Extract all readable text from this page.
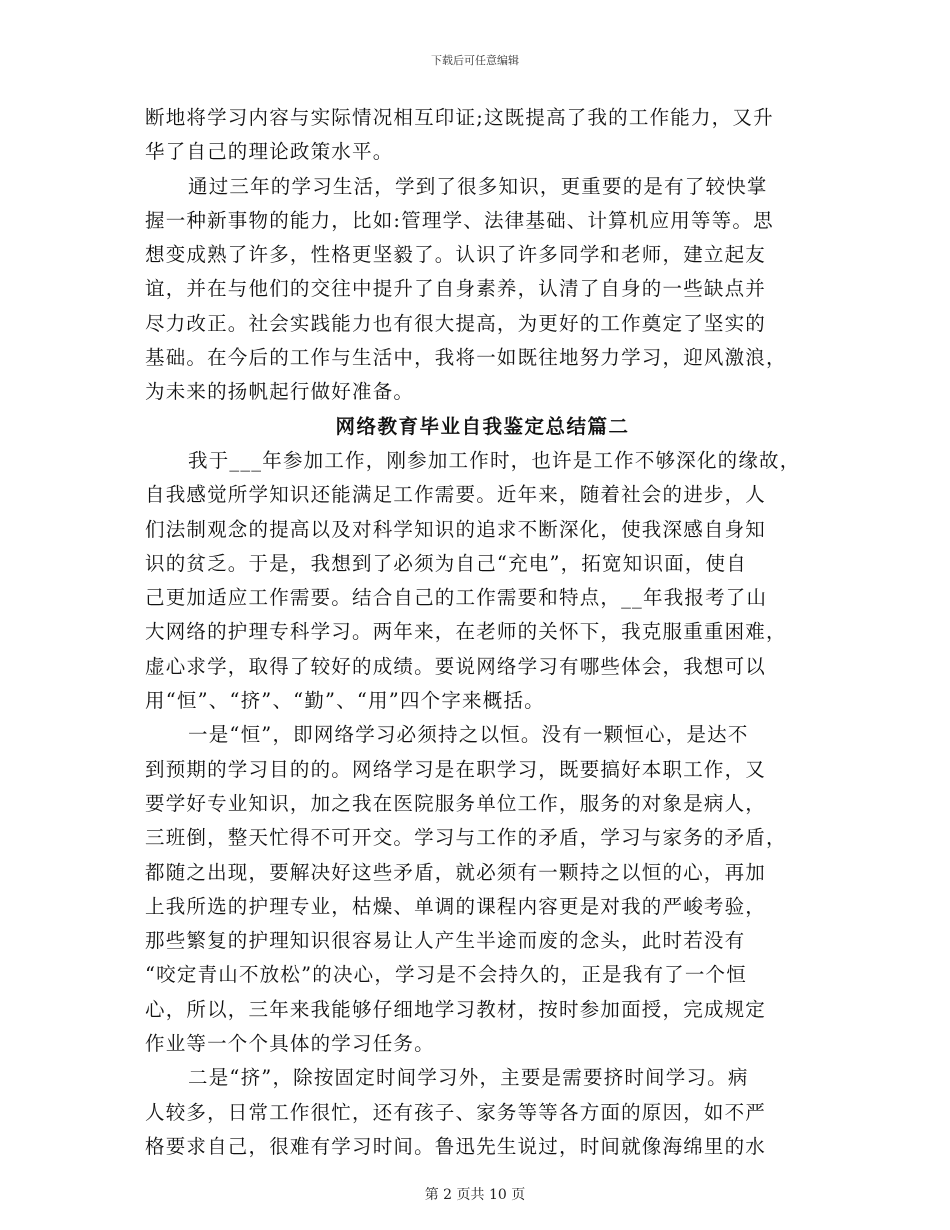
下载后可任意编辑
断地将学习内容与实际情况相互印证;这既提高了我的工作能力，又升
华了自己的理论政策水平。
通过三年的学习生活，学到了很多知识，更重要的是有了较快掌
握一种新事物的能力，比如:管理学、法律基础、计算机应用等等。思
想变成熟了许多，性格更坚毅了。认识了许多同学和老师，建立起友
谊，并在与他们的交往中提升了自身素养，认清了自身的一些缺点并
尽力改正。社会实践能力也有很大提高，为更好的工作奠定了坚实的
基础。在今后的工作与生活中，我将一如既往地努力学习，迎风激浪，
为未来的扬帆起行做好准备。
网络教育毕业自我鉴定总结篇二
我于___年参加工作，刚参加工作时，也许是工作不够深化的缘故，
自我感觉所学知识还能满足工作需要。近年来，随着社会的进步，人
们法制观念的提高以及对科学知识的追求不断深化，使我深感自身知
识的贫乏。于是，我想到了必须为自己“充电”，拓宽知识面，使自
己更加适应工作需要。结合自己的工作需要和特点，__年我报考了山
大网络的护理专科学习。两年来，在老师的关怀下，我克服重重困难，
虚心求学，取得了较好的成绩。要说网络学习有哪些体会，我想可以
用“恒”、“挤”、“勤”、“用”四个字来概括。
一是“恒”，即网络学习必须持之以恒。没有一颗恒心，是达不
到预期的学习目的的。网络学习是在职学习，既要搞好本职工作，又
要学好专业知识，加之我在医院服务单位工作，服务的对象是病人，
三班倒，整天忙得不可开交。学习与工作的矛盾，学习与家务的矛盾，
都随之出现，要解决好这些矛盾，就必须有一颗持之以恒的心，再加
上我所选的护理专业，枯燥、单调的课程内容更是对我的严峻考验，
那些繁复的护理知识很容易让人产生半途而废的念头，此时若没有
“咬定青山不放松”的决心，学习是不会持久的，正是我有了一个恒
心，所以，三年来我能够仔细地学习教材，按时参加面授，完成规定
作业等一个个具体的学习任务。
二是“挤”，除按固定时间学习外，主要是需要挤时间学习。病
人较多，日常工作很忙，还有孩子、家务等等各方面的原因，如不严
格要求自己，很难有学习时间。鲁迅先生说过，时间就像海绵里的水
第 2 页共 10 页
